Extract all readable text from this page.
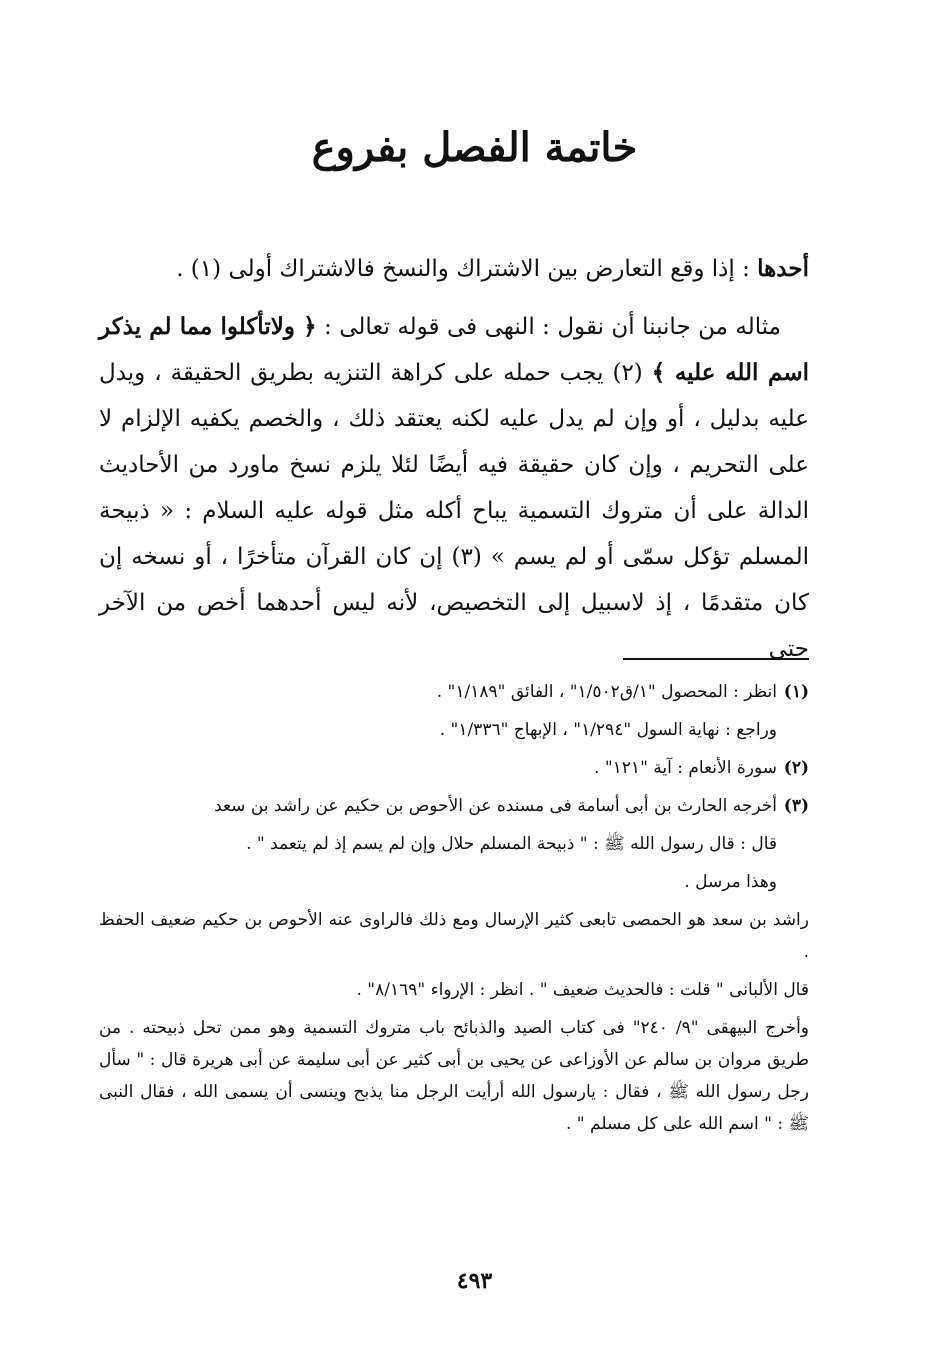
خاتمة الفصل بفروع

أحدها : إذا وقع التعارض بين الاشتراك والنسخ فالاشتراك أولى (١) .

مثاله من جانبنا أن نقول : النهى فى قوله تعالى : ﴿ ولاتأكلوا مما لم يذكر اسم الله عليه ﴾ (٢) يجب حمله على كراهة التنزيه بطريق الحقيقة ، ويدل عليه بدليل ، أو وإن لم يدل عليه لكنه يعتقد ذلك ، والخصم يكفيه الإلزام لا على التحريم ، وإن كان حقيقة فيه أيضًا لئلا يلزم نسخ ماورد من الأحاديث الدالة على أن متروك التسمية يباح أكله مثل قوله عليه السلام : « ذبيحة المسلم تؤكل سمّى أو لم يسم » (٣) إن كان القرآن متأخرًا ، أو نسخه إن كان متقدمًا ، إذ لاسبيل إلى التخصيص، لأنه ليس أحدهما أخص من الآخر حتى

(١)

انظر : المحصول "١/ق١/٥٠٢" ، الفائق "١/١٨٩" .

وراجع : نهاية السول "١/٢٩٤" ، الإبهاج "١/٣٣٦" .

(٢)

سورة الأنعام : آية "١٢١" .

(٣)

أخرجه الحارث بن أبى أسامة فى مسنده عن الأحوص بن حكيم عن راشد بن سعد

قال : قال رسول الله ﷺ : " ذبيحة المسلم حلال وإن لم يسم إذ لم يتعمد " .

وهذا مرسل .

راشد بن سعد هو الحمصى تابعى كثير الإرسال ومع ذلك فالراوى عنه الأحوص بن حكيم ضعيف الحفظ .

قال الألبانى " قلت : فالحديث ضعيف " . انظر : الإرواء "٨/١٦٩" .

وأخرج البيهقى "٩/ ٢٤٠" فى كتاب الصيد والذبائح باب متروك التسمية وهو ممن تحل ذبيحته . من طريق مروان بن سالم عن الأوزاعى عن يحيى بن أبى كثير عن أبى سليمة عن أبى هريرة قال : " سأل رجل رسول الله ﷺ ، فقال : يارسول الله أرأيت الرجل منا يذبح وينسى أن يسمى الله ، فقال النبى ﷺ : " اسم الله على كل مسلم " .

٤٩٣
